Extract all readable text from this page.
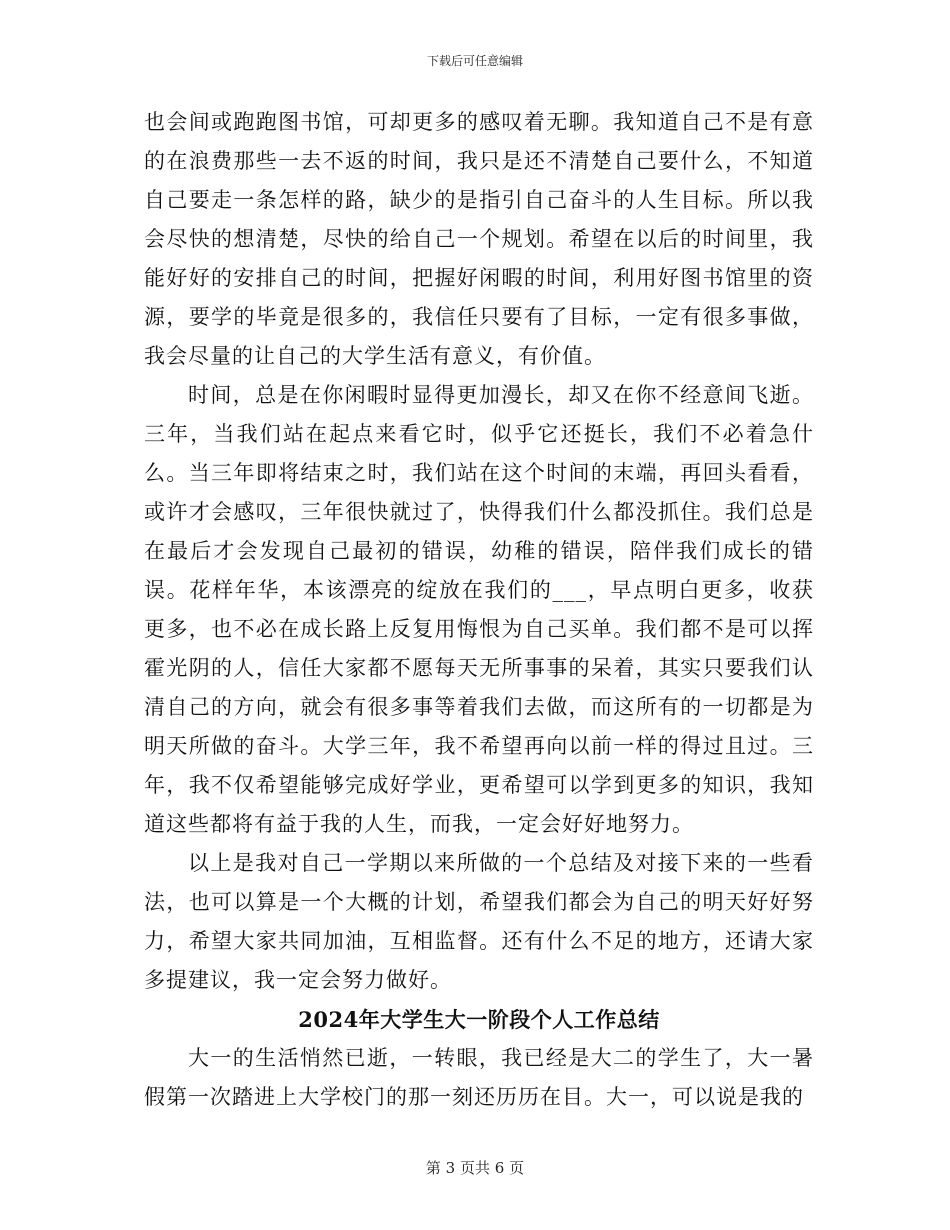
下载后可任意编辑

也会间或跑跑图书馆，可却更多的感叹着无聊。我知道自己不是有意的在浪费那些一去不返的时间，我只是还不清楚自己要什么，不知道自己要走一条怎样的路，缺少的是指引自己奋斗的人生目标。所以我会尽快的想清楚，尽快的给自己一个规划。希望在以后的时间里，我能好好的安排自己的时间，把握好闲暇的时间，利用好图书馆里的资源，要学的毕竟是很多的，我信任只要有了目标，一定有很多事做，我会尽量的让自己的大学生活有意义，有价值。

时间，总是在你闲暇时显得更加漫长，却又在你不经意间飞逝。三年，当我们站在起点来看它时，似乎它还挺长，我们不必着急什么。当三年即将结束之时，我们站在这个时间的末端，再回头看看，或许才会感叹，三年很快就过了，快得我们什么都没抓住。我们总是在最后才会发现自己最初的错误，幼稚的错误，陪伴我们成长的错误。花样年华，本该漂亮的绽放在我们的___，早点明白更多，收获更多，也不必在成长路上反复用悔恨为自己买单。我们都不是可以挥霍光阴的人，信任大家都不愿每天无所事事的呆着，其实只要我们认清自己的方向，就会有很多事等着我们去做，而这所有的一切都是为明天所做的奋斗。大学三年，我不希望再向以前一样的得过且过。三年，我不仅希望能够完成好学业，更希望可以学到更多的知识，我知道这些都将有益于我的人生，而我，一定会好好地努力。

以上是我对自己一学期以来所做的一个总结及对接下来的一些看法，也可以算是一个大概的计划，希望我们都会为自己的明天好好努力，希望大家共同加油，互相监督。还有什么不足的地方，还请大家多提建议，我一定会努力做好。

2024年大学生大一阶段个人工作总结

大一的生活悄然已逝，一转眼，我已经是大二的学生了，大一暑假第一次踏进上大学校门的那一刻还历历在目。大一，可以说是我的

第 3 页共 6 页
